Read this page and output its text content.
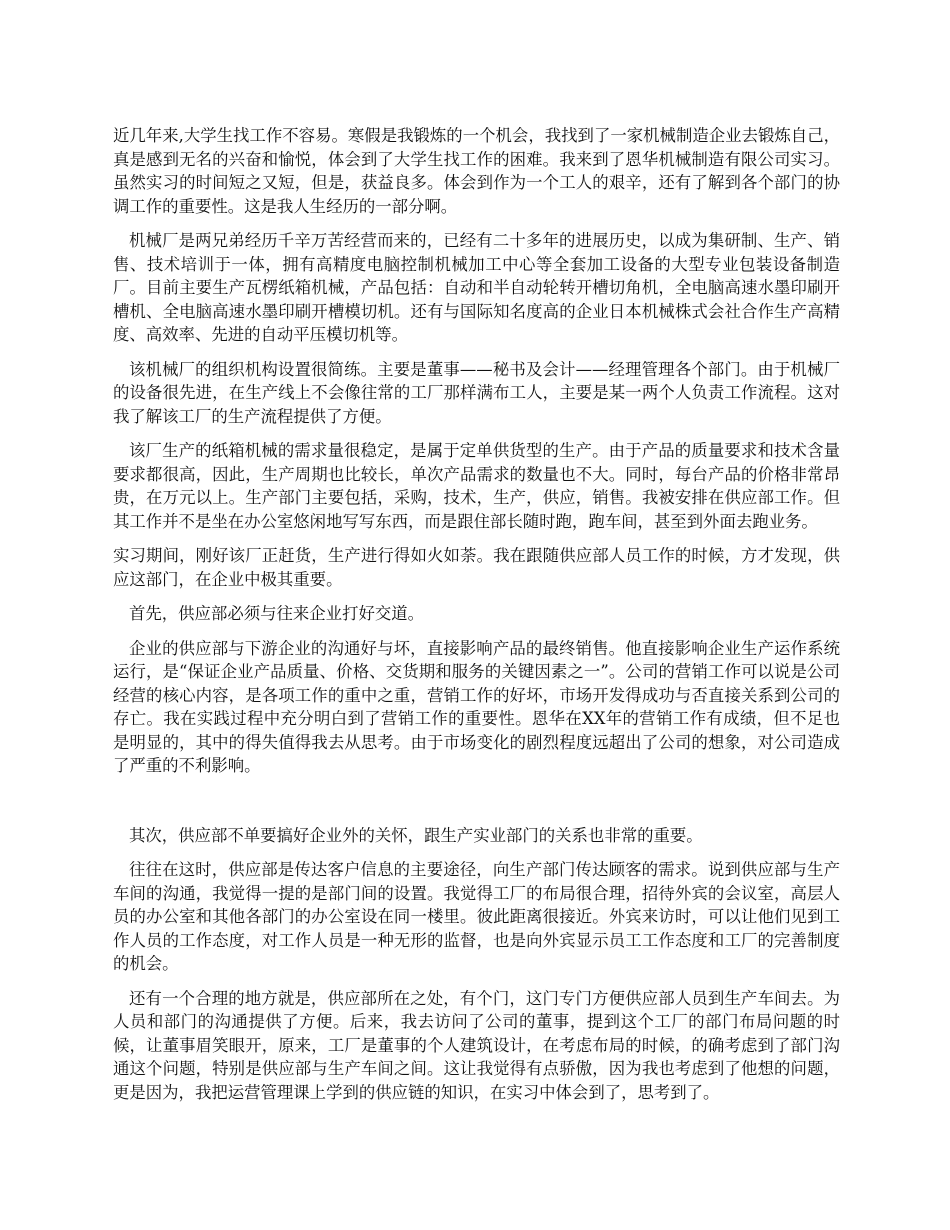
近几年来,大学生找工作不容易。寒假是我锻炼的一个机会，我找到了一家机械制造企业去锻炼自己，真是感到无名的兴奋和愉悦，体会到了大学生找工作的困难。我来到了恩华机械制造有限公司实习。虽然实习的时间短之又短，但是，获益良多。体会到作为一个工人的艰辛，还有了解到各个部门的协调工作的重要性。这是我人生经历的一部分啊。

机械厂是两兄弟经历千辛万苦经营而来的，已经有二十多年的进展历史，以成为集研制、生产、销售、技术培训于一体，拥有高精度电脑控制机械加工中心等全套加工设备的大型专业包装设备制造厂。目前主要生产瓦楞纸箱机械，产品包括：自动和半自动轮转开槽切角机，全电脑高速水墨印刷开槽机、全电脑高速水墨印刷开槽模切机。还有与国际知名度高的企业日本机械株式会社合作生产高精度、高效率、先进的自动平压模切机等。

该机械厂的组织机构设置很简练。主要是董事——秘书及会计——经理管理各个部门。由于机械厂的设备很先进，在生产线上不会像往常的工厂那样满布工人，主要是某一两个人负责工作流程。这对我了解该工厂的生产流程提供了方便。

该厂生产的纸箱机械的需求量很稳定，是属于定单供货型的生产。由于产品的质量要求和技术含量要求都很高，因此，生产周期也比较长，单次产品需求的数量也不大。同时，每台产品的价格非常昂贵，在万元以上。生产部门主要包括，采购，技术，生产，供应，销售。我被安排在供应部工作。但其工作并不是坐在办公室悠闲地写写东西，而是跟住部长随时跑，跑车间，甚至到外面去跑业务。

实习期间，刚好该厂正赶货，生产进行得如火如荼。我在跟随供应部人员工作的时候，方才发现，供应这部门，在企业中极其重要。

首先，供应部必须与往来企业打好交道。

企业的供应部与下游企业的沟通好与坏，直接影响产品的最终销售。他直接影响企业生产运作系统运行，是“保证企业产品质量、价格、交货期和服务的关键因素之一”。公司的营销工作可以说是公司经营的核心内容，是各项工作的重中之重，营销工作的好坏，市场开发得成功与否直接关系到公司的存亡。我在实践过程中充分明白到了营销工作的重要性。恩华在XX年的营销工作有成绩，但不足也是明显的，其中的得失值得我去从思考。由于市场变化的剧烈程度远超出了公司的想象，对公司造成了严重的不利影响。

其次，供应部不单要搞好企业外的关怀，跟生产实业部门的关系也非常的重要。

往往在这时，供应部是传达客户信息的主要途径，向生产部门传达顾客的需求。说到供应部与生产车间的沟通，我觉得一提的是部门间的设置。我觉得工厂的布局很合理，招待外宾的会议室，高层人员的办公室和其他各部门的办公室设在同一楼里。彼此距离很接近。外宾来访时，可以让他们见到工作人员的工作态度，对工作人员是一种无形的监督，也是向外宾显示员工工作态度和工厂的完善制度的机会。

还有一个合理的地方就是，供应部所在之处，有个门，这门专门方便供应部人员到生产车间去。为人员和部门的沟通提供了方便。后来，我去访问了公司的董事，提到这个工厂的部门布局问题的时候，让董事眉笑眼开，原来，工厂是董事的个人建筑设计，在考虑布局的时候，的确考虑到了部门沟通这个问题，特别是供应部与生产车间之间。这让我觉得有点骄傲，因为我也考虑到了他想的问题，更是因为，我把运营管理课上学到的供应链的知识，在实习中体会到了，思考到了。
